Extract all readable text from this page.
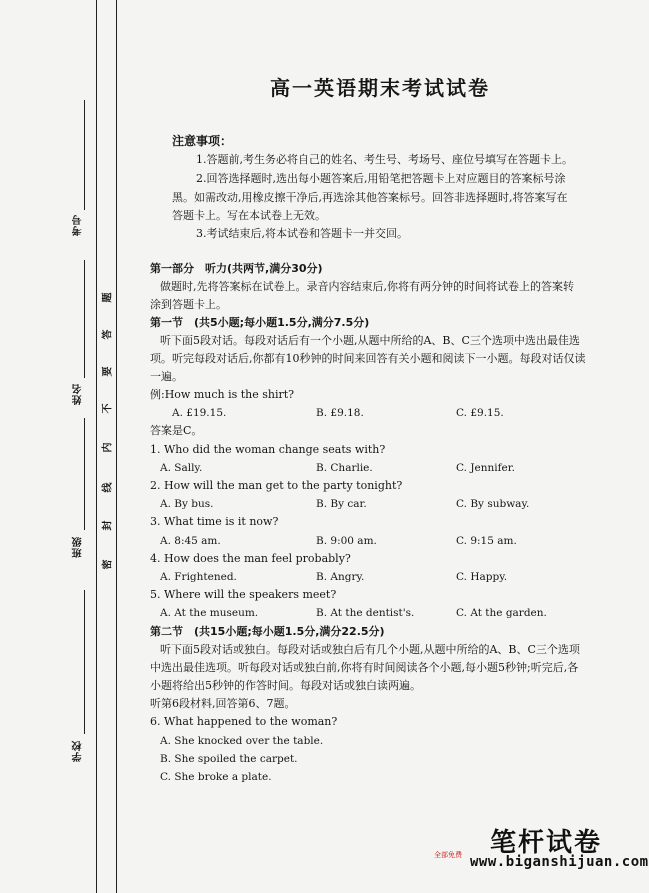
考号
姓名
班级
学校
题
答
要
不
内
线
封
密
高一英语期末考试试卷
注意事项：
1.答题前,考生务必将自己的姓名、考生号、考场号、座位号填写在答题卡上。
2.回答选择题时,选出每小题答案后,用铅笔把答题卡上对应题目的答案标号涂
黑。如需改动,用橡皮擦干净后,再选涂其他答案标号。回答非选择题时,将答案写在
答题卡上。写在本试卷上无效。
3.考试结束后,将本试卷和答题卡一并交回。
第一部分　听力(共两节,满分30分)
做题时,先将答案标在试卷上。录音内容结束后,你将有两分钟的时间将试卷上的答案转
涂到答题卡上。
第一节　(共5小题;每小题1.5分,满分7.5分)
听下面5段对话。每段对话后有一个小题,从题中所给的A、B、C三个选项中选出最佳选
项。听完每段对话后,你都有10秒钟的时间来回答有关小题和阅读下一小题。每段对话仅读
一遍。
例:How much is the shirt?
A. £19.15.	B. £9.18.	C. £9.15.
答案是C。
1. Who did the woman change seats with?
A. Sally.	B. Charlie.	C. Jennifer.
2. How will the man get to the party tonight?
A. By bus.	B. By car.	C. By subway.
3. What time is it now?
A. 8:45 am.	B. 9:00 am.	C. 9:15 am.
4. How does the man feel probably?
A. Frightened.	B. Angry.	C. Happy.
5. Where will the speakers meet?
A. At the museum.	B. At the dentist's.	C. At the garden.
第二节　(共15小题;每小题1.5分,满分22.5分)
听下面5段对话或独白。每段对话或独白后有几个小题,从题中所给的A、B、C三个选项
中选出最佳选项。听每段对话或独白前,你将有时间阅读各个小题,每小题5秒钟;听完后,各
小题将给出5秒钟的作答时间。每段对话或独白读两遍。
听第6段材料,回答第6、7题。
6. What happened to the woman?
A. She knocked over the table.
B. She spoiled the carpet.
C. She broke a plate.
笔杆试卷
全部免费 www.biganshijuan.com
